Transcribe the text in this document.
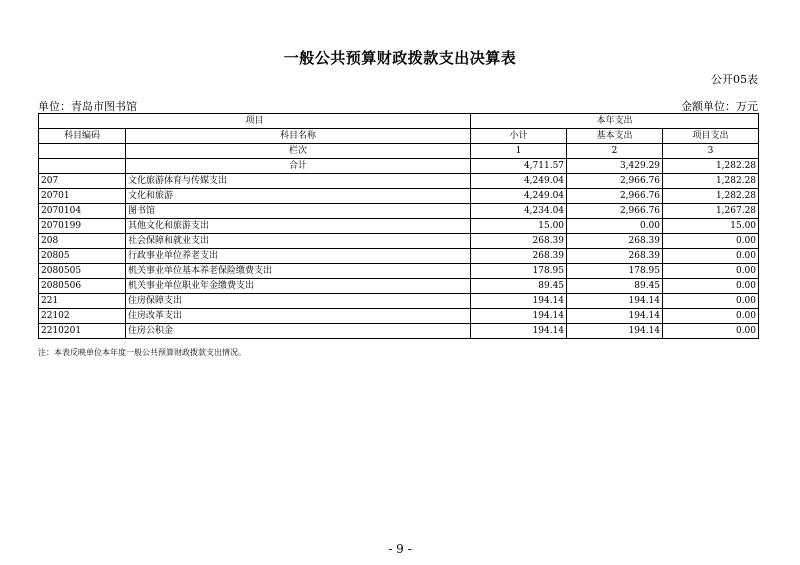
一般公共预算财政拨款支出决算表
公开05表
单位：青岛市图书馆	金额单位：万元
项目		本年支出		
科目编码	科目名称	小计	基本支出	项目支出
	栏次	1	2	3
	合计	4,711.57	3,429.29	1,282.28
207	文化旅游体育与传媒支出	4,249.04	2,966.76	1,282.28
20701	文化和旅游	4,249.04	2,966.76	1,282.28
2070104	图书馆	4,234.04	2,966.76	1,267.28
2070199	其他文化和旅游支出	15.00	0.00	15.00
208	社会保障和就业支出	268.39	268.39	0.00
20805	行政事业单位养老支出	268.39	268.39	0.00
2080505	机关事业单位基本养老保险缴费支出	178.95	178.95	0.00
2080506	机关事业单位职业年金缴费支出	89.45	89.45	0.00
221	住房保障支出	194.14	194.14	0.00
22102	住房改革支出	194.14	194.14	0.00
2210201	住房公积金	194.14	194.14	0.00
注：本表反映单位本年度一般公共预算财政拨款支出情况。
- 9 -
